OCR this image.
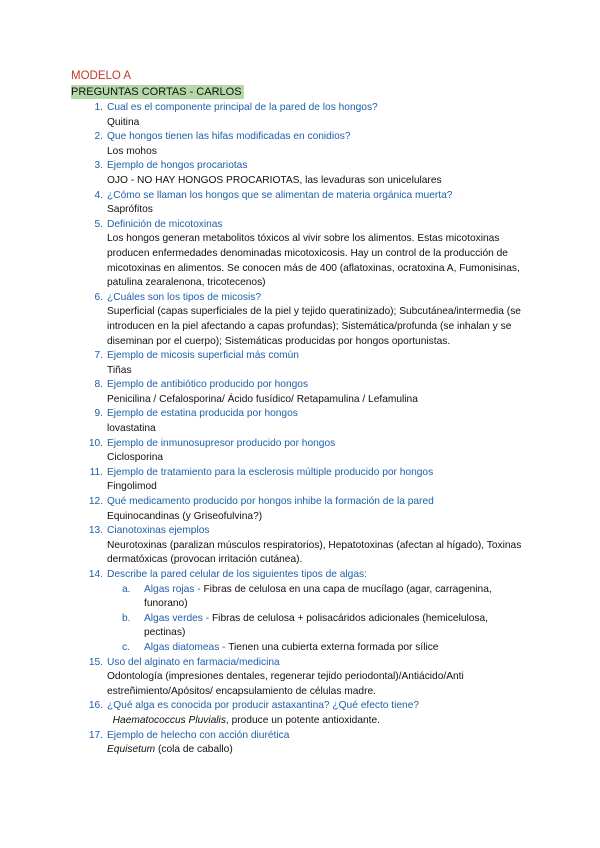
MODELO A
PREGUNTAS CORTAS - CARLOS
1. Cual es el componente principal de la pared de los hongos?
Quitina
2. Que hongos tienen las hifas modificadas en conidios?
Los mohos
3. Ejemplo de hongos procariotas
OJO - NO HAY HONGOS PROCARIOTAS, las levaduras son unicelulares
4. ¿Cómo se llaman los hongos que se alimentan de materia orgánica muerta?
Saprófitos
5. Definición de micotoxinas
Los hongos generan metabolitos tóxicos al vivir sobre los alimentos. Estas micotoxinas producen enfermedades denominadas micotoxicosis. Hay un control de la producción de micotoxinas en alimentos. Se conocen más de 400 (aflatoxinas, ocratoxina A, Fumonisinas, patulina zearalenona, tricotecenos)
6. ¿Cuáles son los tipos de micosis?
Superficial (capas superficiales de la piel y tejido queratinizado); Subcutánea/intermedia (se introducen en la piel afectando a capas profundas); Sistemática/profunda (se inhalan y se diseminan por el cuerpo); Sistemáticas producidas por hongos oportunistas.
7. Ejemplo de micosis superficial más común
Tiñas
8. Ejemplo de antibiótico producido por hongos
Penicilina / Cefalosporina/ Ácido fusídico/ Retapamulina / Lefamulina
9. Ejemplo de estatina producida por hongos
lovastatina
10. Ejemplo de inmunosupresor producido por hongos
Ciclosporina
11. Ejemplo de tratamiento para la esclerosis múltiple producido por hongos
Fingolimod
12. Qué medicamento producido por hongos inhibe la formación de la pared
Equinocandinas (y Griseofulvina?)
13. Cianotoxinas ejemplos
Neurotoxinas (paralizan músculos respiratorios), Hepatotoxinas (afectan al hígado), Toxinas dermatóxicas (provocan irritación cutánea).
14. Describe la pared celular de los siguientes tipos de algas:
a. Algas rojas - Fibras de celulosa en una capa de mucílago (agar, carragenina, funorano)
b. Algas verdes - Fibras de celulosa + polisacáridos adicionales (hemicelulosa, pectinas)
c. Algas diatomeas - Tienen una cubierta externa formada por sílice
15. Uso del alginato en farmacia/medicina
Odontología (impresiones dentales, regenerar tejido periodontal)/Antiácido/Anti estreñimiento/Apósitos/ encapsulamiento de células madre.
16. ¿Qué alga es conocida por producir astaxantina? ¿Qué efecto tiene?
Haematococcus Pluvialis, produce un potente antioxidante.
17. Ejemplo de helecho con acción diurética
Equisetum (cola de caballo)
